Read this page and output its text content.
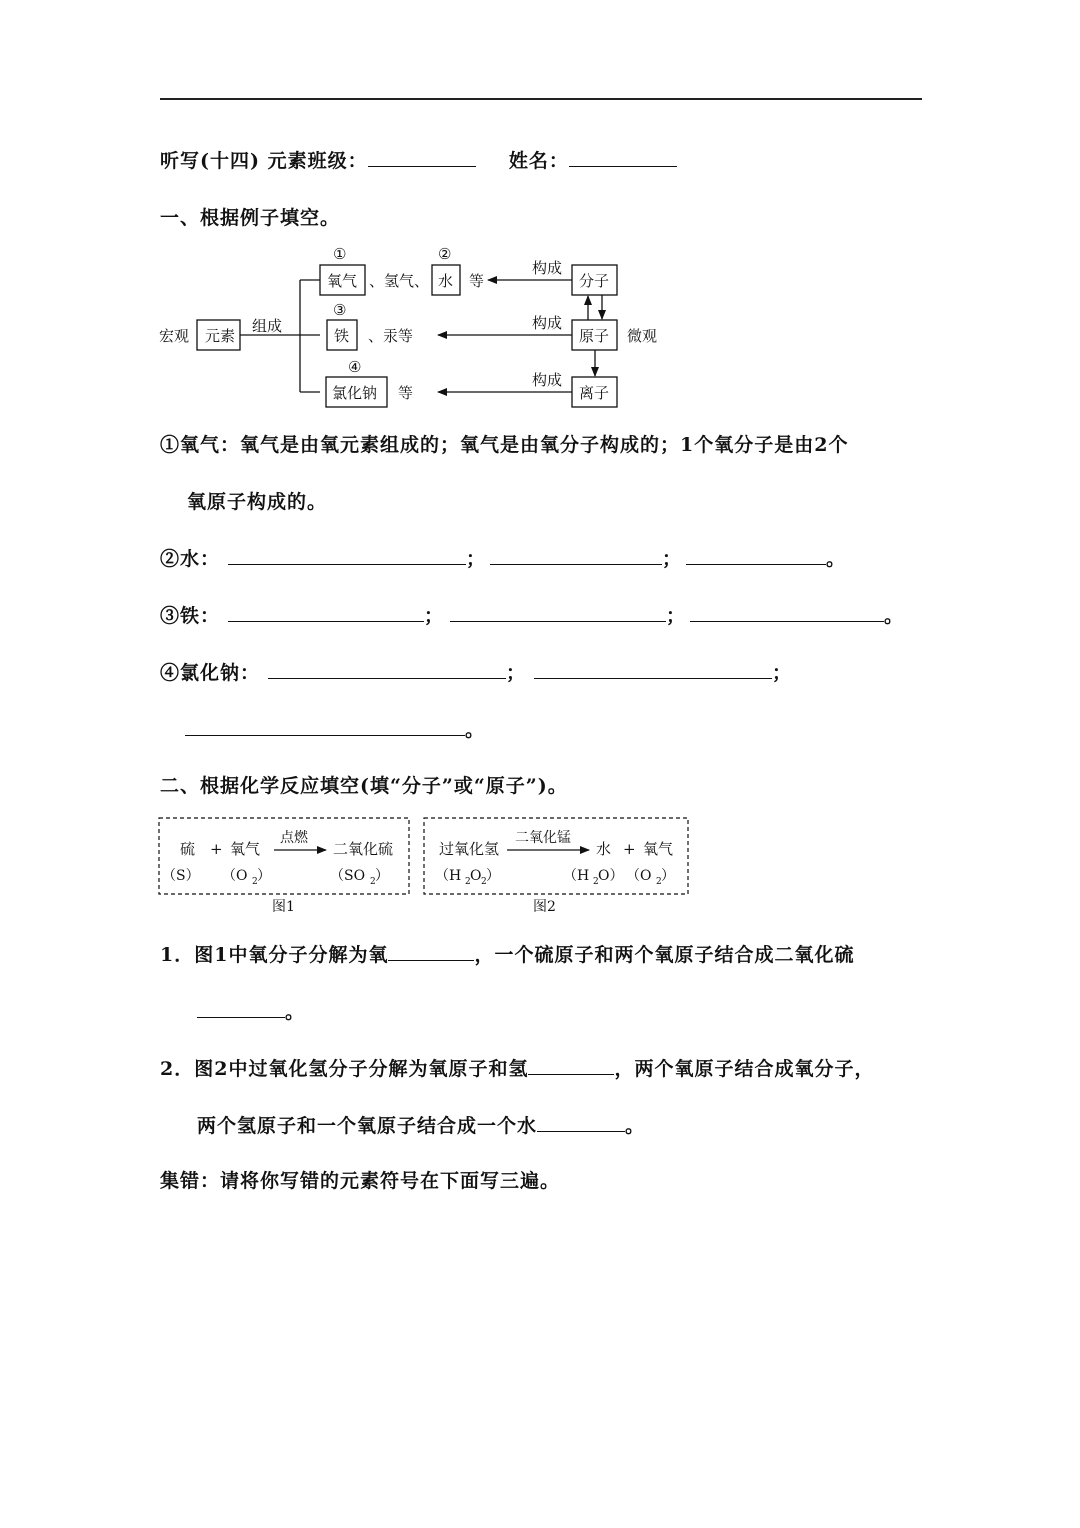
听写(十四) 元素班级：	姓名：
一、根据例子填空。
宏观 元素
组成
①
氧气 、氢气、
②
水 等
③
铁 、汞等
④
氯化钠 等
构成
构成
构成
分子
原子 微观
离子
①氧气：氧气是由氧元素组成的；氧气是由氧分子构成的；1个氧分子是由2个
氧原子构成的。
②水：	；	；	。
③铁：	；	；	。
④氯化钠：	；	；
。
二、根据化学反应填空(填“分子”或“原子”)。
硫 + 氧气
点燃
二氧化硫
（S） （O 2 ）	（SO 2 ）
图1
过氧化氢
二氧化锰
水 + 氧气
（H 2 O 2 ）	（H 2 O） （O 2 ）
图2
1．图1中氧分子分解为氧	，一个硫原子和两个氧原子结合成二氧化硫
。
2．图2中过氧化氢分子分解为氧原子和氢	，两个氧原子结合成氧分子，
两个氢原子和一个氧原子结合成一个水	。
集错：请将你写错的元素符号在下面写三遍。
